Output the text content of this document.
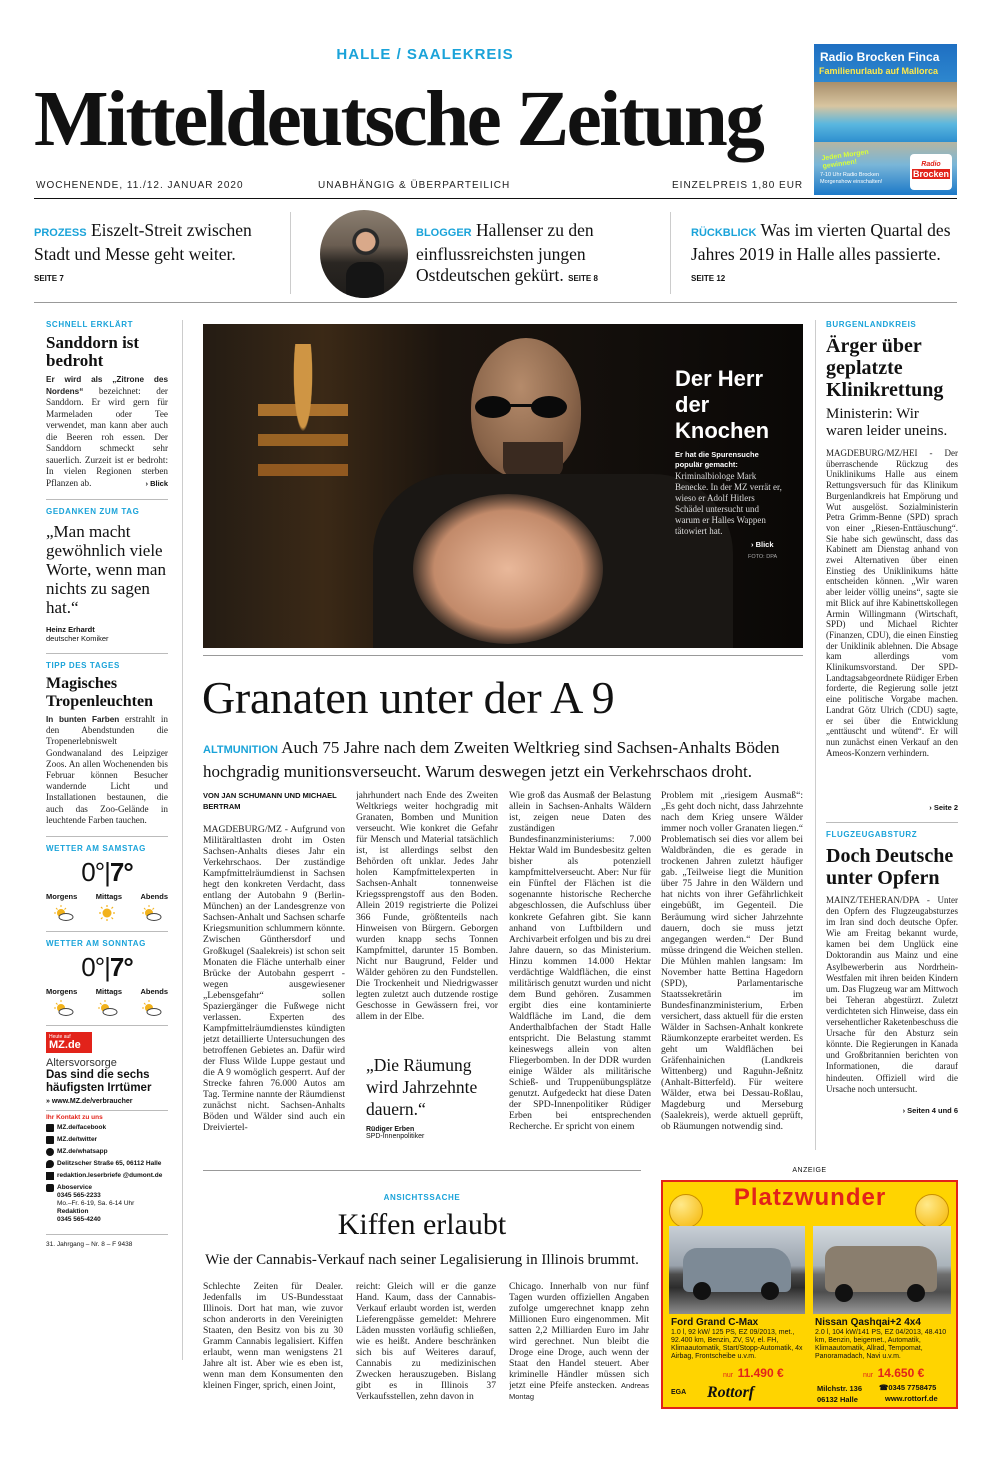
HALLE / SAALEKREIS
Mitteldeutsche Zeitung
WOCHENENDE, 11./12. JANUAR 2020	UNABHÄNGIG & ÜBERPARTEILICH	EINZELPREIS 1,80 EUR
Radio Brocken Finca
Familienurlaub auf Mallorca
Jeden Morgen gewinnen!
7-10 Uhr Radio Brocken Morgenshow einschalten!
Radio
Brocken
PROZESS Eiszelt-Streit zwischen Stadt und Messe geht weiter. SEITE 7
BLOGGER Hallenser zu den einflussreichsten jungen Ostdeutschen gekürt. SEITE 8
RÜCKBLICK Was im vierten Quartal des Jahres 2019 in Halle alles passierte. SEITE 12
SCHNELL ERKLÄRT
Sanddorn ist bedroht
Er wird als „Zitrone des Nordens“ bezeichnet: der Sanddorn. Er wird gern für Marmeladen oder Tee verwendet, man kann aber auch die Beeren roh essen. Der Sanddorn schmeckt sehr sauerlich. Zurzeit ist er bedroht: In vielen Regionen sterben Pflanzen ab.	› Blick
GEDANKEN ZUM TAG
„Man macht gewöhnlich viele Worte, wenn man nichts zu sagen hat.“
Heinz Erhardt
deutscher Komiker
TIPP DES TAGES
Magisches Tropenleuchten
In bunten Farben erstrahlt in den Abendstunden die Tropenerlebniswelt Gondwanaland des Leipziger Zoos. An allen Wochenenden bis Februar können Besucher wandernde Licht und Installationen bestaunen, die auch das Zoo-Gelände in leuchtende Farben tauchen.
WETTER AM SAMSTAG
0°|7°
Morgens Mittags Abends
WETTER AM SONNTAG
0°|7°
Morgens Mittags Abends
Heute auf
MZ.de
Altersvorsorge
Das sind die sechs häufigsten Irrtümer
» www.MZ.de/verbraucher
Ihr Kontakt zu uns
MZ.de/facebook
MZ.de/twitter
MZ.de/whatsapp
Delitzscher Straße 65, 06112 Halle
redaktion.leserbriefe @dumont.de
Aboservice
0345 565-2233
Mo.–Fr. 6-19, Sa. 6-14 Uhr
Redaktion
0345 565-4240
31. Jahrgang – Nr. 8 – F 9438
Der Herr der Knochen
Er hat die Spurensuche populär gemacht:
Kriminalbiologe Mark Benecke. In der MZ verrät er, wieso er Adolf Hitlers Schädel untersucht und warum er Halles Wappen tätowiert hat.
› Blick
FOTO: DPA
Granaten unter der A 9
ALTMUNITION Auch 75 Jahre nach dem Zweiten Weltkrieg sind Sachsen-Anhalts Böden hochgradig munitionsverseucht. Warum deswegen jetzt ein Verkehrschaos droht.
VON JAN SCHUMANN UND MICHAEL BERTRAM
MAGDEBURG/MZ - Aufgrund von Militäraltlasten droht im Osten Sachsen-Anhalts dieses Jahr ein Verkehrschaos. Der zuständige Kampfmittelräumdienst in Sachsen hegt den konkreten Verdacht, dass entlang der Autobahn 9 (Berlin-München) an der Landesgrenze von Sachsen-Anhalt und Sachsen scharfe Kriegsmunition schlummern könnte. Zwischen Günthersdorf und Großkugel (Saalekreis) ist schon seit Monaten die Fläche unterhalb einer Brücke der Autobahn gesperrt - wegen ausgewiesener „Lebensgefahr“ sollen Spaziergänger die Fußwege nicht verlassen. Experten des Kampfmittelräumdienstes kündigten jetzt detaillierte Untersuchungen des betroffenen Gebietes an. Dafür wird der Fluss Wilde Luppe gestaut und die A 9 womöglich gesperrt. Auf der Strecke fahren 76.000 Autos am Tag. Termine nannte der Räumdienst zunächst nicht. Sachsen-Anhalts Böden und Wälder sind auch ein Dreiviertel-
jahrhundert nach Ende des Zweiten Weltkriegs weiter hochgradig mit Granaten, Bomben und Munition verseucht. Wie konkret die Gefahr für Mensch und Material tatsächlich ist, ist allerdings selbst den Behörden oft unklar. Jedes Jahr holen Kampfmittelexperten in Sachsen-Anhalt tonnenweise Kriegssprengstoff aus den Boden. Allein 2019 registrierte die Polizei 366 Funde, größtenteils nach Hinweisen von Bürgern. Geborgen wurden knapp sechs Tonnen Kampfmittel, darunter 15 Bomben. Nicht nur Baugrund, Felder und Wälder gehören zu den Fundstellen. Die Trockenheit und Niedrigwasser legten zuletzt auch dutzende rostige Geschosse in Gewässern frei, vor allem in der Elbe.
„Die Räumung wird Jahrzehnte dauern.“
Rüdiger Erben
SPD-Innenpolitiker
Wie groß das Ausmaß der Belastung allein in Sachsen-Anhalts Wäldern ist, zeigen neue Daten des zuständigen Bundesfinanzministeriums: 7.000 Hektar Wald im Bundesbesitz gelten bisher als potenziell kampfmittelverseucht. Aber: Nur für ein Fünftel der Flächen ist die sogenannte historische Recherche abgeschlossen, die Aufschluss über konkrete Gefahren gibt. Sie kann anhand von Luftbildern und Archivarbeit erfolgen und bis zu drei Jahre dauern, so das Ministerium. Hinzu kommen 14.000 Hektar verdächtige Waldflächen, die einst militärisch genutzt wurden und nicht dem Bund gehören. Zusammen ergibt dies eine kontaminierte Waldfläche im Land, die dem Anderthalbfachen der Stadt Halle entspricht. Die Belastung stammt keineswegs allein von alten Fliegerbomben. In der DDR wurden einige Wälder als militärische Schieß- und Truppenübungsplätze genutzt. Aufgedeckt hat diese Daten der SPD-Innenpolitiker Rüdiger Erben bei entsprechenden Recherche. Er spricht von einem
Problem mit „riesigem Ausmaß“: „Es geht doch nicht, dass Jahrzehnte nach dem Krieg unsere Wälder immer noch voller Granaten liegen.“ Problematisch sei dies vor allem bei Waldbränden, die es gerade in trockenen Jahren zuletzt häufiger gab. „Teilweise liegt die Munition über 75 Jahre in den Wäldern und hat nichts von ihrer Gefährlichkeit eingebüßt, im Gegenteil. Die Beräumung wird sicher Jahrzehnte dauern, doch sie muss jetzt angegangen werden.“ Der Bund müsse dringend die Weichen stellen. Die Mühlen mahlen langsam: Im November hatte Bettina Hagedorn (SPD), Parlamentarische Staatssekretärin im Bundesfinanzministerium, Erben versichert, dass aktuell für die ersten Wälder in Sachsen-Anhalt konkrete Räumkonzepte erarbeitet werden. Es geht um Waldflächen bei Gräfenhainichen (Landkreis Wittenberg) und Raguhn-Jeßnitz (Anhalt-Bitterfeld). Für weitere Wälder, etwa bei Dessau-Roßlau, Magdeburg und Merseburg (Saalekreis), werde aktuell geprüft, ob Räumungen notwendig sind.
BURGENLANDKREIS
Ärger über geplatzte Klinikrettung
Ministerin: Wir waren leider uneins.
MAGDEBURG/MZ/HEI - Der überraschende Rückzug des Uniklinikums Halle aus einem Rettungsversuch für das Klinikum Burgenlandkreis hat Empörung und Wut ausgelöst. Sozialministerin Petra Grimm-Benne (SPD) sprach von einer „Riesen-Enttäuschung“. Sie habe sich gewünscht, dass das Kabinett am Dienstag anhand von zwei Alternativen über einen Einstieg des Uniklinikums hätte entscheiden können. „Wir waren aber leider völlig uneins“, sagte sie mit Blick auf ihre Kabinettskollegen Armin Willingmann (Wirtschaft, SPD) und Michael Richter (Finanzen, CDU), die einen Einstieg der Uniklinik ablehnen. Die Absage kam allerdings vom Klinikumsvorstand. Der SPD-Landtagsabgeordnete Rüdiger Erben forderte, die Regierung solle jetzt eine politische Vorgabe machen. Landrat Götz Ulrich (CDU) sagte, er sei über die Entwicklung „enttäuscht und wütend“. Er will nun zunächst einen Verkauf an den Ameos-Konzern verhindern.
› Seite 2
FLUGZEUGABSTURZ
Doch Deutsche unter Opfern
MAINZ/TEHERAN/DPA - Unter den Opfern des Flugzeugabsturzes im Iran sind doch deutsche Opfer. Wie am Freitag bekannt wurde, kamen bei dem Unglück eine Doktorandin aus Mainz und eine Asylbewerberin aus Nordrhein-Westfalen mit ihren beiden Kindern um. Das Flugzeug war am Mittwoch bei Teheran abgestürzt. Zuletzt verdichteten sich Hinweise, dass ein versehentlicher Raketenbeschuss die Ursache für den Absturz sein könnte. Die Regierungen in Kanada und Großbritannien berichten von Informationen, die darauf hindeuten. Offiziell wird die Ursache noch untersucht.
› Seiten 4 und 6
ANSICHTSSACHE
Kiffen erlaubt
Wie der Cannabis-Verkauf nach seiner Legalisierung in Illinois brummt.
Schlechte Zeiten für Dealer. Jedenfalls im US-Bundesstaat Illinois. Dort hat man, wie zuvor schon anderorts in den Vereinigten Staaten, den Besitz von bis zu 30 Gramm Cannabis legalisiert. Kiffen erlaubt, wenn man wenigstens 21 Jahre alt ist. Aber wie es eben ist, wenn man dem Konsumenten den kleinen Finger, sprich, einen Joint,
reicht: Gleich will er die ganze Hand. Kaum, dass der Cannabis-Verkauf erlaubt worden ist, werden Lieferengpässe gemeldet: Mehrere Läden mussten vorläufig schließen, wie es heißt. Andere beschränken sich bis auf Weiteres darauf, Cannabis zu medizinischen Zwecken herauszugeben. Bislang gibt es in Illinois 37 Verkaufsstellen, zehn davon in
Chicago. Innerhalb von nur fünf Tagen wurden offiziellen Angaben zufolge umgerechnet knapp zehn Millionen Euro eingenommen. Mit satten 2,2 Milliarden Euro im Jahr wird gerechnet. Nun bleibt die Droge eine Droge, auch wenn der Staat den Handel steuert. Aber kriminelle Händler müssen sich jetzt eine Pfeife anstecken. Andreas Montag
ANZEIGE
Platzwunder
Ford Grand C-Max
1.0 l, 92 kW/ 125 PS, EZ 09/2013, met., 92.400 km, Benzin, ZV, SV, el. FH, Klimaautomatik, Start/Stopp-Automatik, 4x Airbag, Frontscheibe u.v.m.
nur 11.490 €
Nissan Qashqai+2 4x4
2.0 l, 104 kW/141 PS, EZ 04/2013, 48.410 km, Benzin, beigemet., Automatik, Klimaautomatik, Allrad, Tempomat, Panoramadach, Navi u.v.m.
nur 14.650 €
EGA Rottorf	Milchstr. 136 06132 Halle
☎0345 7758475
www.rottorf.de
